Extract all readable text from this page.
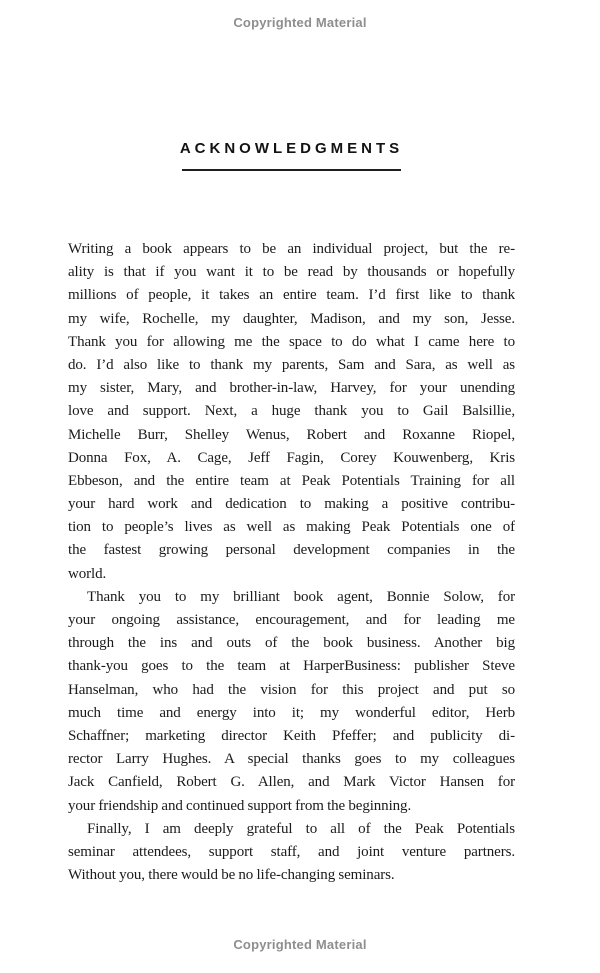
Copyrighted Material
ACKNOWLEDGMENTS
Writing a book appears to be an individual project, but the re-
ality is that if you want it to be read by thousands or hopefully
millions of people, it takes an entire team. I’d first like to thank
my wife, Rochelle, my daughter, Madison, and my son, Jesse.
Thank you for allowing me the space to do what I came here to
do. I’d also like to thank my parents, Sam and Sara, as well as
my sister, Mary, and brother-in-law, Harvey, for your unending
love and support. Next, a huge thank you to Gail Balsillie,
Michelle Burr, Shelley Wenus, Robert and Roxanne Riopel,
Donna Fox, A. Cage, Jeff Fagin, Corey Kouwenberg, Kris
Ebbeson, and the entire team at Peak Potentials Training for all
your hard work and dedication to making a positive contribu-
tion to people’s lives as well as making Peak Potentials one of
the fastest growing personal development companies in the
world.
Thank you to my brilliant book agent, Bonnie Solow, for
your ongoing assistance, encouragement, and for leading me
through the ins and outs of the book business. Another big
thank-you goes to the team at HarperBusiness: publisher Steve
Hanselman, who had the vision for this project and put so
much time and energy into it; my wonderful editor, Herb
Schaffner; marketing director Keith Pfeffer; and publicity di-
rector Larry Hughes. A special thanks goes to my colleagues
Jack Canfield, Robert G. Allen, and Mark Victor Hansen for
your friendship and continued support from the beginning.
Finally, I am deeply grateful to all of the Peak Potentials
seminar attendees, support staff, and joint venture partners.
Without you, there would be no life-changing seminars.
Copyrighted Material
